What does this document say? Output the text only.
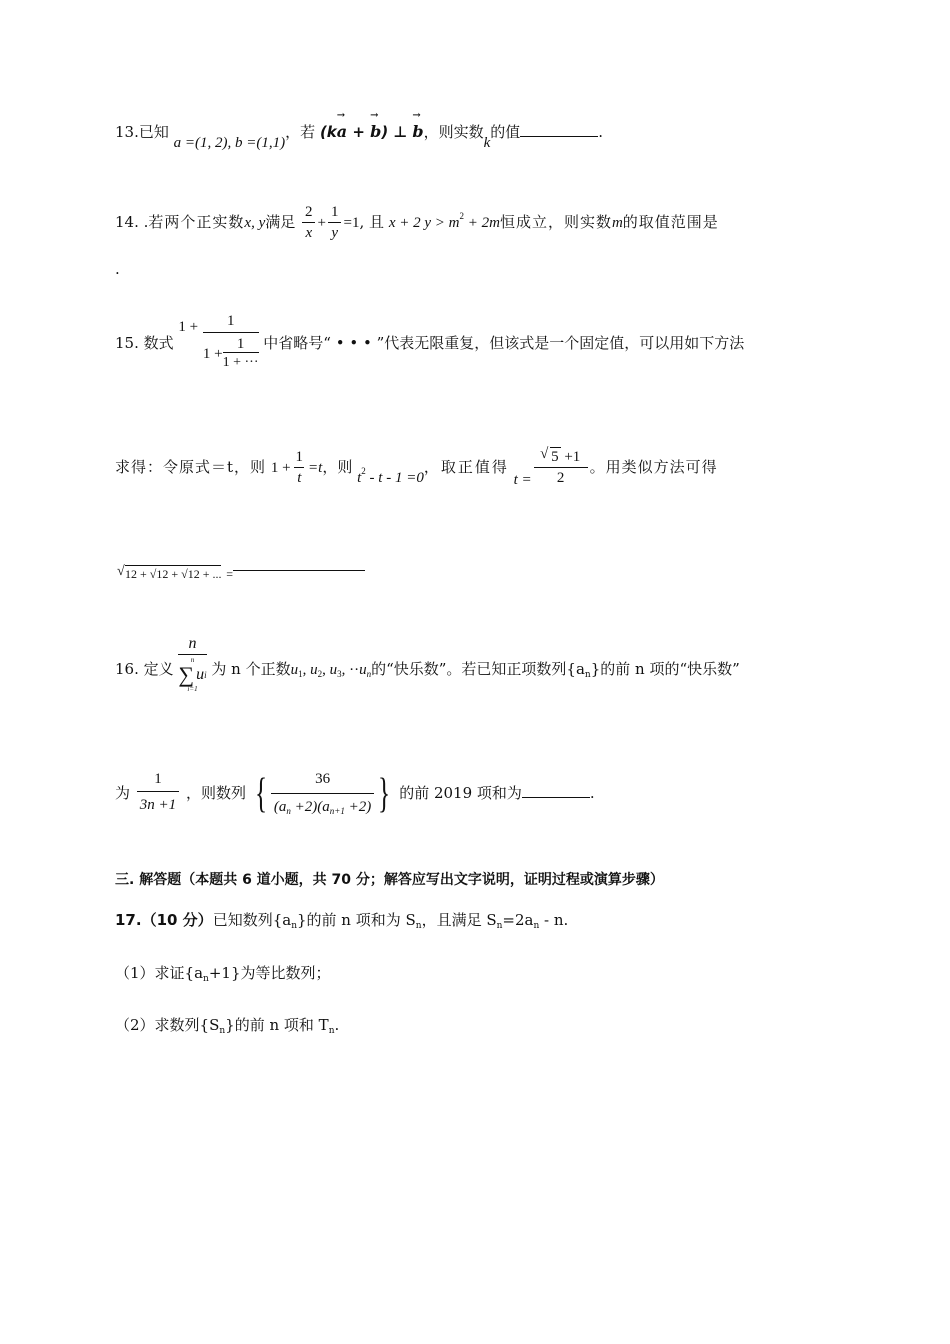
13.已知 a =(1, 2), b =(1,1)，若 (ka → + b →) ⊥ b →，则实数k的值	.
14. .若两个正实数x, y满足 $\frac{2}{x} + \frac{1}{y} =1$, 且 x + 2 $y > m^2 + 2m$恒成立，则实数m的取值范围是
.
15. 数式 $1 + \frac{1}{1 + \frac{1}{1 + \cdot\cdot\cdot}}$ 中省略号“ • • • ”代表无限重复，但该式是一个固定值，可以用如下方法
求得：令原式＝t，则 $1 + \frac{1}{t} =t$，则 $t^2 - t - 1 =0$，取正值得 t =
√ $\frac{5 +1}{2}$ 。用类似方法可得
√ 12 + √12 + √12 + ... =
16. 定义 n
n
∑ u i
i=1 为 n 个正数$u_1$, $u_2$, $u_3$, $\cdot\cdot u_n$的“快乐数”。若已知正项数列$\{a_n\}$的前 n 项的“快乐数”
为 $\frac{1}{3n +1}$ ，则数列 { $\frac{36}{(a_n +2)(a_{n+1} +2)}$ } 的前 2019 项和为	.
三. 解答题（本题共 6 道小题，共 70 分；解答应写出文字说明，证明过程或演算步骤）
17.（10 分）已知数列$\{a_n\}$的前 n 项和为 $S_n$，且满足 $S_n=2a_n - n$.
（1）求证$\{a_n+1\}$为等比数列；
（2）求数列$\{S_n\}$的前 n 项和 $T_n$.
